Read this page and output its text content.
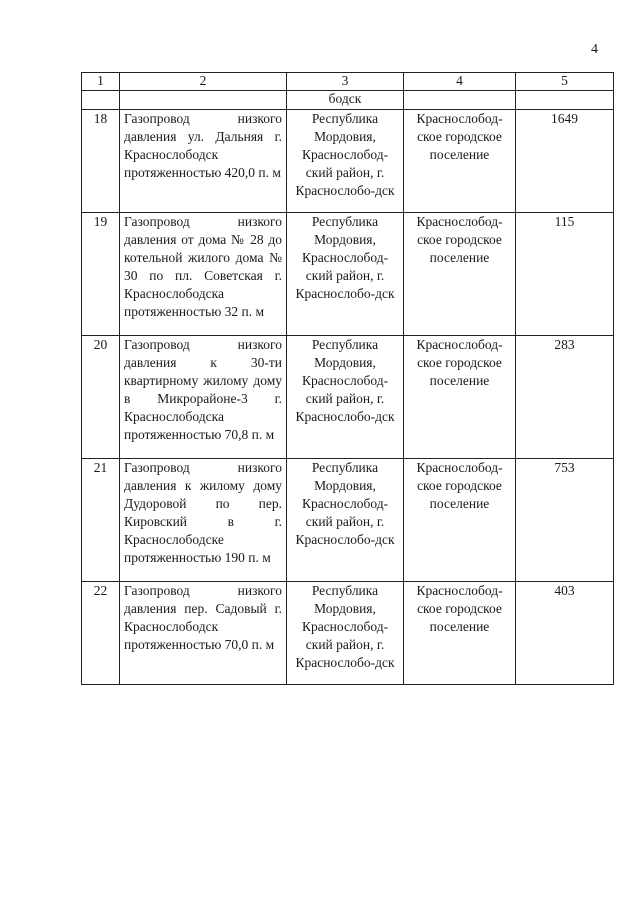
4
1	2	3	4	5
		бодск		
18	Газопровод низкого давления ул. Дальняя г. Краснослободск протяженностью 420,0 п. м	Республика Мордовия, Краснослобод-ский район, г. Краснослобо-дск	Краснослобод-ское городское поселение	1649
19	Газопровод низкого давления от дома № 28 до котельной жилого дома № 30 по пл. Советская г. Краснослободска протяженностью 32 п. м	Республика Мордовия, Краснослобод-ский район, г. Краснослобо-дск	Краснослобод-ское городское поселение	115
20	Газопровод низкого давления к 30-ти квартирному жилому дому в Микрорайоне-3 г. Краснослободска протяженностью 70,8 п. м	Республика Мордовия, Краснослобод-ский район, г. Краснослобо-дск	Краснослобод-ское городское поселение	283
21	Газопровод низкого давления к жилому дому Дудоровой по пер. Кировский в г. Краснослободске протяженностью 190 п. м	Республика Мордовия, Краснослобод-ский район, г. Краснослобо-дск	Краснослобод-ское городское поселение	753
22	Газопровод низкого давления пер. Садовый г. Краснослободск протяженностью 70,0 п. м	Республика Мордовия, Краснослобод-ский район, г. Краснослобо-дск	Краснослобод-ское городское поселение	403
